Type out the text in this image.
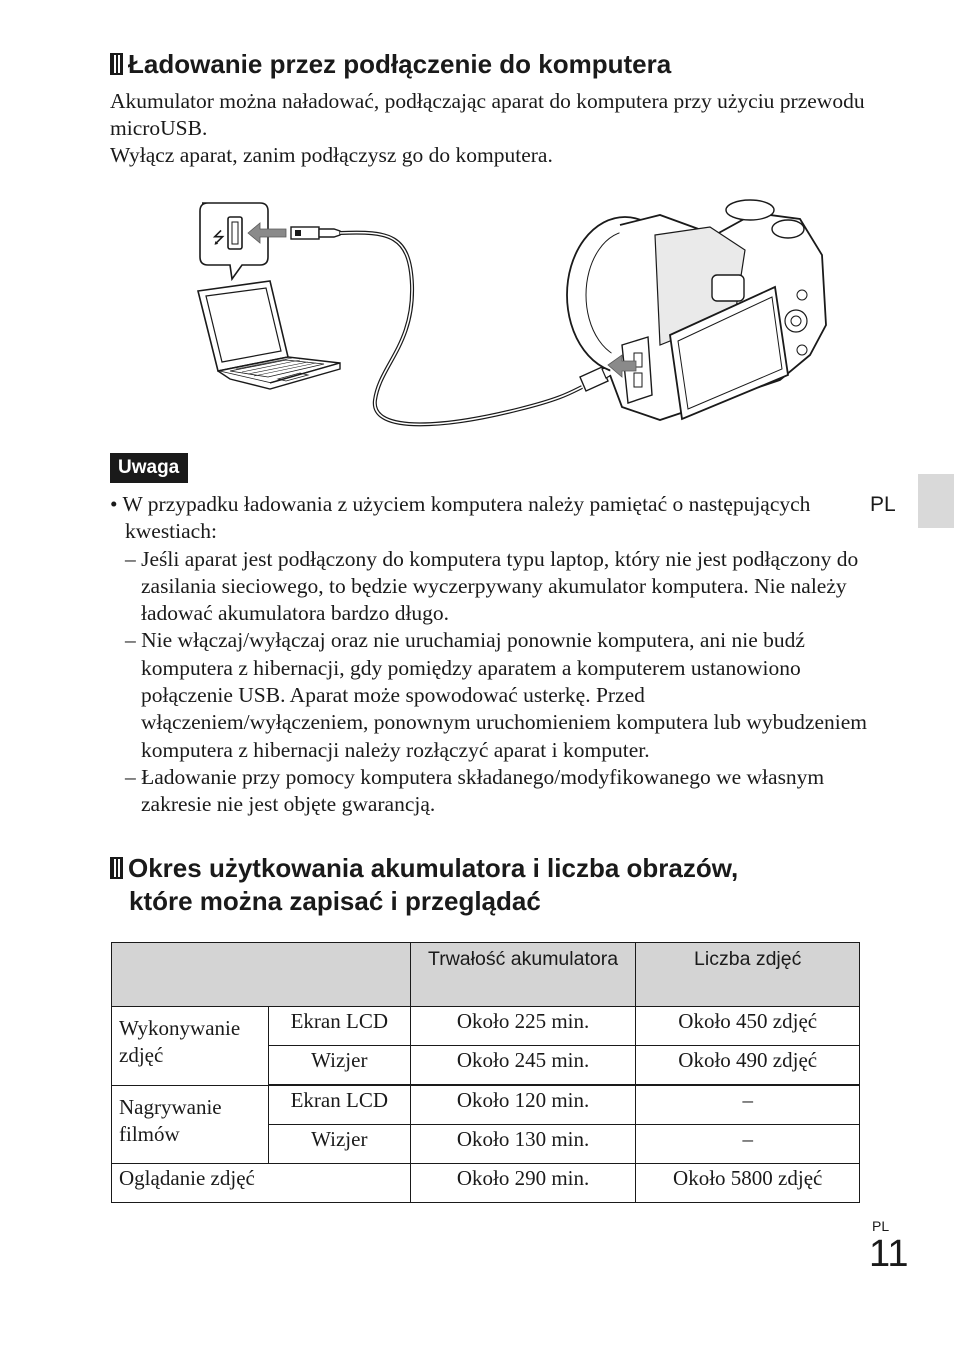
Ładowanie przez podłączenie do komputera

Akumulator można naładować, podłączając aparat do komputera przy użyciu przewodu microUSB.

Wyłącz aparat, zanim podłączysz go do komputera.

⭍
Uwaga

• W przypadku ładowania z użyciem komputera należy pamiętać o następujących kwestiach:

– Jeśli aparat jest podłączony do komputera typu laptop, który nie jest podłączony do zasilania sieciowego, to będzie wyczerpywany akumulator komputera. Nie należy ładować akumulatora bardzo długo.

– Nie włączaj/wyłączaj oraz nie uruchamiaj ponownie komputera, ani nie budź komputera z hibernacji, gdy pomiędzy aparatem a komputerem ustanowiono połączenie USB. Aparat może spowodować usterkę. Przed włączeniem/wyłączeniem, ponownym uruchomieniem komputera lub wybudzeniem komputera z hibernacji należy rozłączyć aparat i komputer.

– Ładowanie przy pomocy komputera składanego/modyfikowanego we własnym zakresie nie jest objęte gwarancją.

PL
Okres użytkowania akumulatora i liczba obrazów,
które można zapisać i przeglądać
		Trwałość akumulatora	Liczba zdjęć
Wykonywanie zdjęć	Ekran LCD	Około 225 min.	Około 450 zdjęć
	Wizjer	Około 245 min.	Około 490 zdjęć
Nagrywanie filmów	Ekran LCD	Około 120 min.	–
	Wizjer	Około 130 min.	–
Oglądanie zdjęć		Około 290 min.	Około 5800 zdjęć
PL
11
